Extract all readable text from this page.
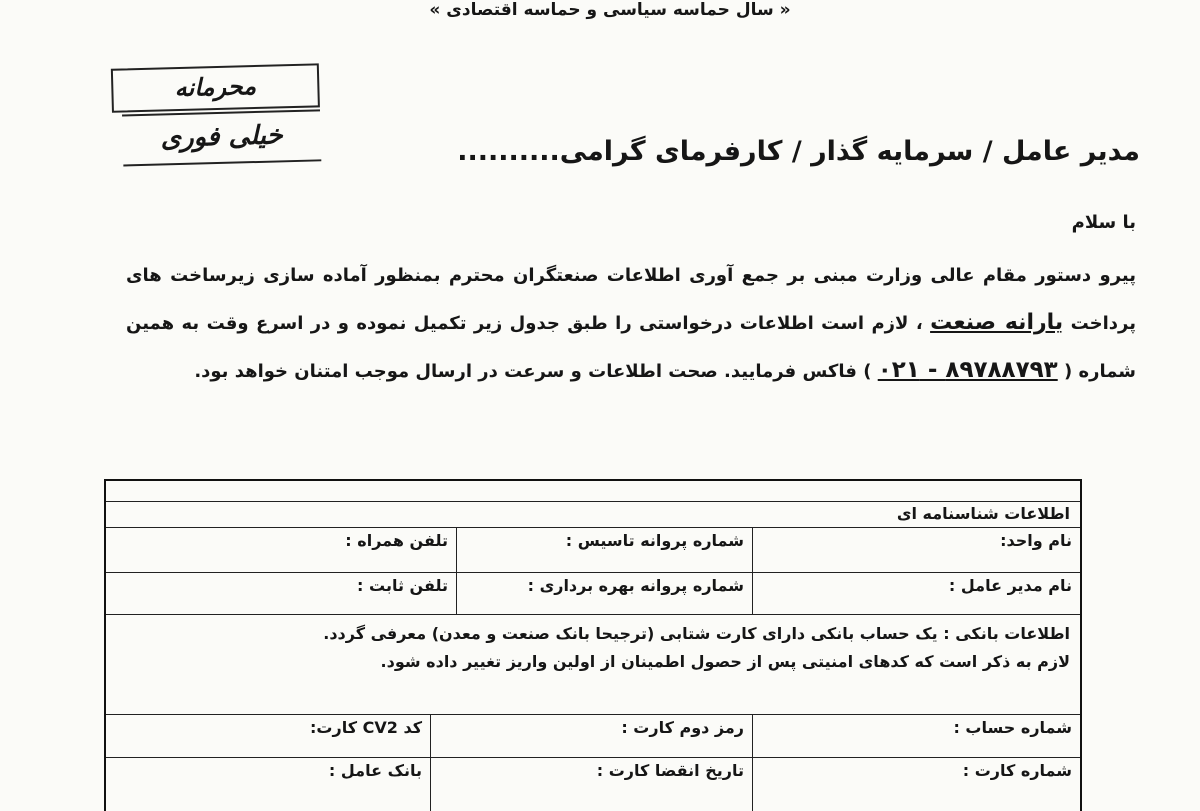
« سال حماسه سیاسی و حماسه اقتصادی »
محرمانه
خیلی فوری	مدیر عامل / سرمایه گذار / کارفرمای گرامی..........
با سلام
پیرو دستور مقام عالی وزارت مبنی بر جمع آوری اطلاعات صنعتگران محترم بمنظور آماده سازی زیرساخت های پرداخت یارانه صنعت ، لازم است اطلاعات درخواستی را طبق جدول زیر تکمیل نموده و در اسرع وقت به همین شماره ( ۸۹۷۸۸۷۹۳ - ۰۲۱ ) فاکس فرمایید. صحت اطلاعات و سرعت در ارسال موجب امتنان خواهد بود.
اطلاعات شناسنامه ای
نام واحد:
شماره پروانه تاسیس :
تلفن همراه :
نام مدیر عامل :
شماره پروانه بهره برداری :
تلفن ثابت :
اطلاعات بانکی : یک حساب بانکی دارای کارت شتابی (ترجیحا بانک صنعت و معدن) معرفی گردد.
لازم به ذکر است که کدهای امنیتی پس از حصول اطمینان از اولین واریز تغییر داده شود.
شماره حساب :
رمز دوم کارت :
کد CV2 کارت:
شماره کارت :
تاریخ انقضا کارت :
بانک عامل :
